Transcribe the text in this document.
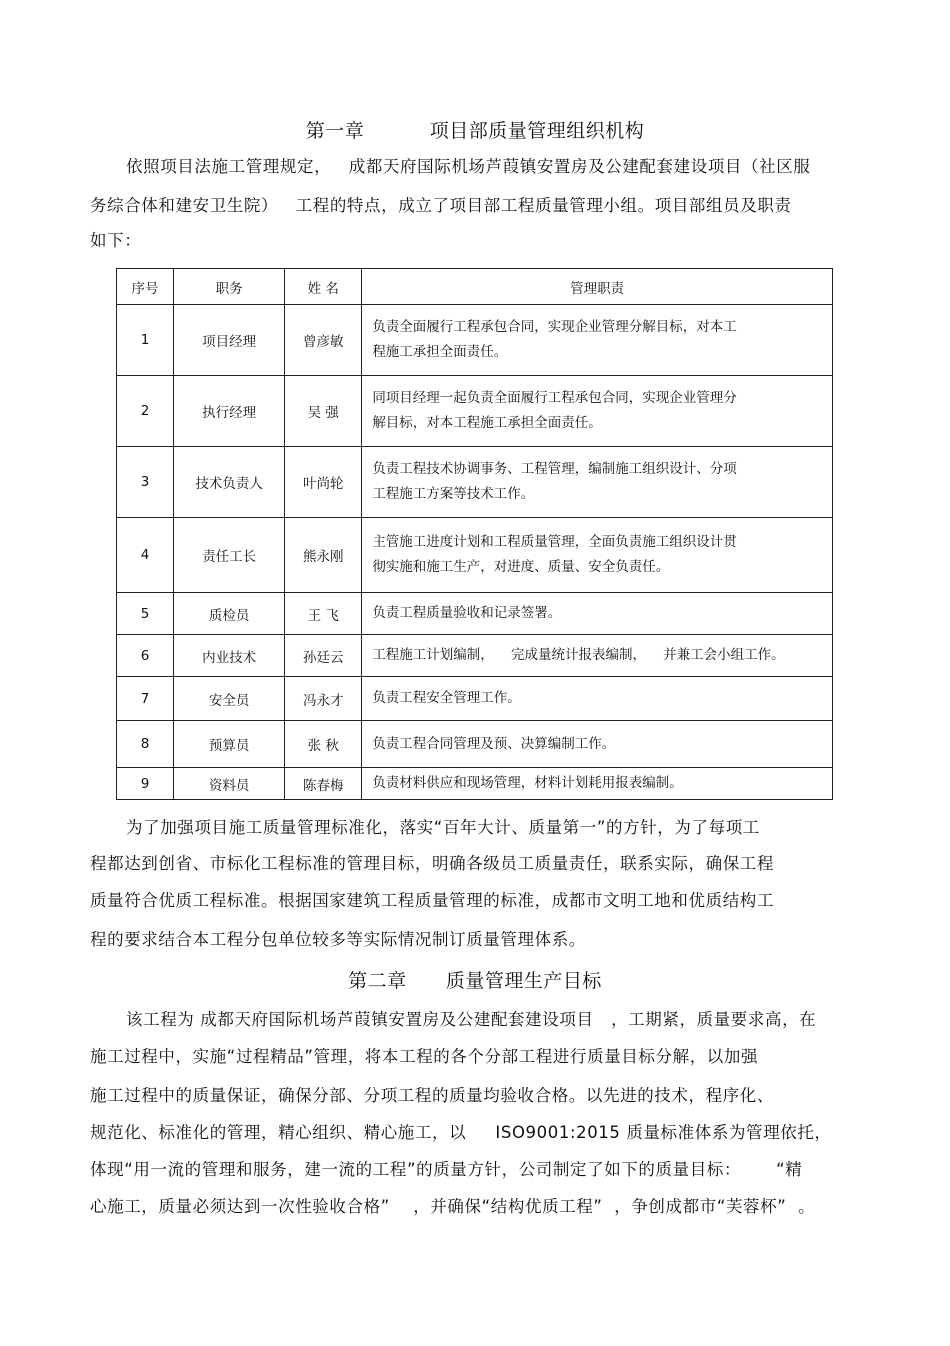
第一章          项目部质量管理组织机构
依照项目法施工管理规定，   成都天府国际机场芦葭镇安置房及公建配套建设项目（社区服
务综合体和建安卫生院）   工程的特点，成立了项目部工程质量管理小组。项目部组员及职责
如下：
序号	职务	姓 名	管理职责
1	项目经理	曾彦敏	负责全面履行工程承包合同，实现企业管理分解目标，对本工
程施工承担全面责任。

2	执行经理	吴 强	同项目经理一起负责全面履行工程承包合同，实现企业管理分
解目标，对本工程施工承担全面责任。

3	技术负责人	叶尚轮	负责工程技术协调事务、工程管理，编制施工组织设计、分项
工程施工方案等技术工作。

4	责任工长	熊永刚	主管施工进度计划和工程质量管理，全面负责施工组织设计贯
彻实施和施工生产，对进度、质量、安全负责任。

5	质检员	王 飞	负责工程质量验收和记录签署。

6	内业技术	孙廷云	工程施工计划编制，    完成量统计报表编制，    并兼工会小组工作。

7	安全员	冯永才	负责工程安全管理工作。

8	预算员	张 秋	负责工程合同管理及预、决算编制工作。

9	资料员	陈春梅	负责材料供应和现场管理，材料计划耗用报表编制。
为了加强项目施工质量管理标准化，落实“百年大计、质量第一”的方针，为了每项工
程都达到创省、市标化工程标准的管理目标，明确各级员工质量责任，联系实际，确保工程
质量符合优质工程标准。根据国家建筑工程质量管理的标准，成都市文明工地和优质结构工
程的要求结合本工程分包单位较多等实际情况制订质量管理体系。
第二章      质量管理生产目标
该工程为 成都天府国际机场芦葭镇安置房及公建配套建设项目   ，工期紧，质量要求高，在
施工过程中，实施“过程精品”管理，将本工程的各个分部工程进行质量目标分解，以加强
施工过程中的质量保证，确保分部、分项工程的质量均验收合格。以先进的技术，程序化、
规范化、标准化的管理，精心组织、精心施工，以     ISO9001:2015 质量标准体系为管理依托，
体现“用一流的管理和服务，建一流的工程”的质量方针，公司制定了如下的质量目标：      “精
心施工，质量必须达到一次性验收合格”    ，并确保“结构优质工程”  ，争创成都市“芙蓉杯”  。
